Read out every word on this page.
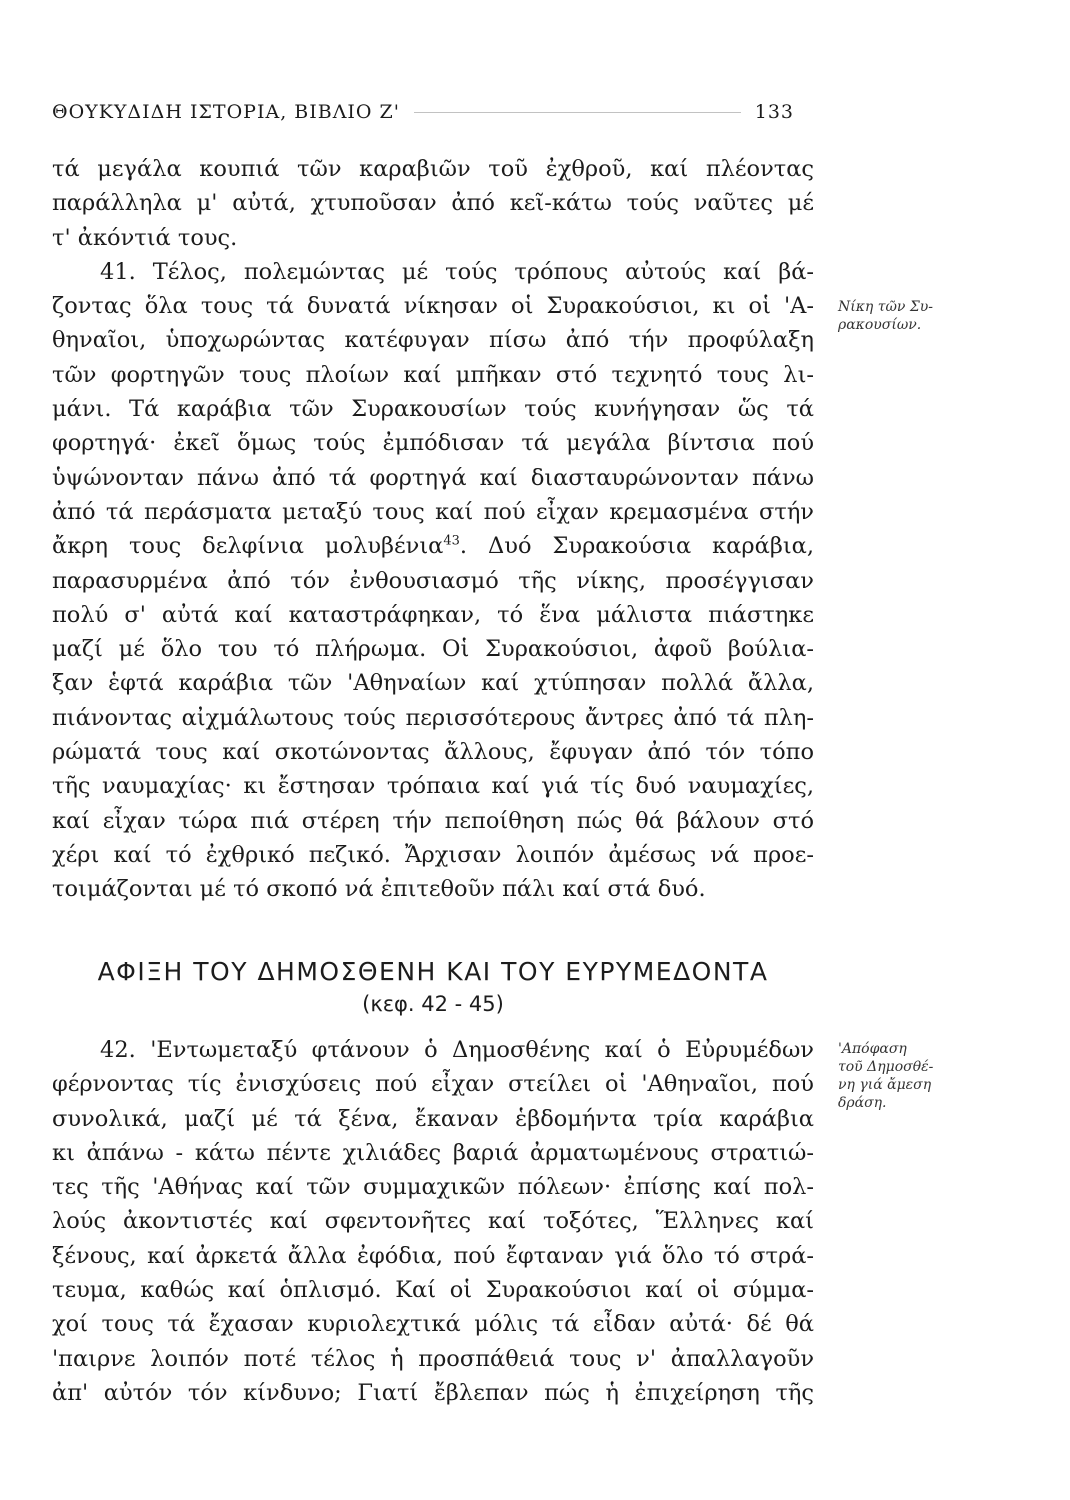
ΘΟΥΚΥΔΙΔΗ ΙΣΤΟΡΙΑ, ΒΙΒΛΙΟ Ζ'	133
τά μεγάλα κουπιά τῶν καραβιῶν τοῦ ἐχθροῦ, καί πλέοντας
παράλληλα μ' αὐτά, χτυποῦσαν ἀπό κεῖ-κάτω τούς ναῦτες μέ
τ' ἀκόντιά τους.
41. Τέλος, πολεμώντας μέ τούς τρόπους αὐτούς καί βά-
ζοντας ὅλα τους τά δυνατά νίκησαν οἱ Συρακούσιοι, κι οἱ 'Α-
θηναῖοι, ὑποχωρώντας κατέφυγαν πίσω ἀπό τήν προφύλαξη
τῶν φορτηγῶν τους πλοίων καί μπῆκαν στό τεχνητό τους λι-
μάνι. Τά καράβια τῶν Συρακουσίων τούς κυνήγησαν ὥς τά
φορτηγά· ἐκεῖ ὅμως τούς ἐμπόδισαν τά μεγάλα βίντσια πού
ὑψώνονταν πάνω ἀπό τά φορτηγά καί διασταυρώνονταν πάνω
ἀπό τά περάσματα μεταξύ τους καί πού εἶχαν κρεμασμένα στήν
ἄκρη τους δελφίνια μολυβένια$^{43}$. Δυό Συρακούσια καράβια,
παρασυρμένα ἀπό τόν ἐνθουσιασμό τῆς νίκης, προσέγγισαν
πολύ σ' αὐτά καί καταστράφηκαν, τό ἕνα μάλιστα πιάστηκε
μαζί μέ ὅλο του τό πλήρωμα. Οἱ Συρακούσιοι, ἀφοῦ βούλια-
ξαν ἑφτά καράβια τῶν 'Αθηναίων καί χτύπησαν πολλά ἄλλα,
πιάνοντας αἰχμάλωτους τούς περισσότερους ἄντρες ἀπό τά πλη-
ρώματά τους καί σκοτώνοντας ἄλλους, ἔφυγαν ἀπό τόν τόπο
τῆς ναυμαχίας· κι ἔστησαν τρόπαια καί γιά τίς δυό ναυμαχίες,
καί εἶχαν τώρα πιά στέρεη τήν πεποίθηση πώς θά βάλουν στό
χέρι καί τό ἐχθρικό πεζικό. Ἄρχισαν λοιπόν ἀμέσως νά προε-
τοιμάζονται μέ τό σκοπό νά ἐπιτεθοῦν πάλι καί στά δυό.
Νίκη τῶν Συ-
ρακουσίων.
ΑΦΙΞΗ ΤΟΥ ΔΗΜΟΣΘΕΝΗ ΚΑΙ ΤΟΥ ΕΥΡΥΜΕΔΟΝΤΑ
(κεφ. 42 - 45)
42. 'Εντωμεταξύ φτάνουν ὁ Δημοσθένης καί ὁ Εὐρυμέδων
φέρνοντας τίς ἐνισχύσεις πού εἶχαν στείλει οἱ 'Αθηναῖοι, πού
συνολικά, μαζί μέ τά ξένα, ἔκαναν ἑβδομήντα τρία καράβια
κι ἀπάνω - κάτω πέντε χιλιάδες βαριά ἀρματωμένους στρατιώ-
τες τῆς 'Αθήνας καί τῶν συμμαχικῶν πόλεων· ἐπίσης καί πολ-
λούς ἀκοντιστές καί σφεντονῆτες καί τοξότες, Ἕλληνες καί
ξένους, καί ἀρκετά ἄλλα ἐφόδια, πού ἔφταναν γιά ὅλο τό στρά-
τευμα, καθώς καί ὁπλισμό. Καί οἱ Συρακούσιοι καί οἱ σύμμα-
χοί τους τά ἔχασαν κυριολεχτικά μόλις τά εἶδαν αὐτά· δέ θά
'παιρνε λοιπόν ποτέ τέλος ἡ προσπάθειά τους ν' ἀπαλλαγοῦν
ἀπ' αὐτόν τόν κίνδυνο; Γιατί ἔβλεπαν πώς ἡ ἐπιχείρηση τῆς
'Απόφαση
τοῦ Δημοσθέ-
νη γιά ἄμεση
δράση.
